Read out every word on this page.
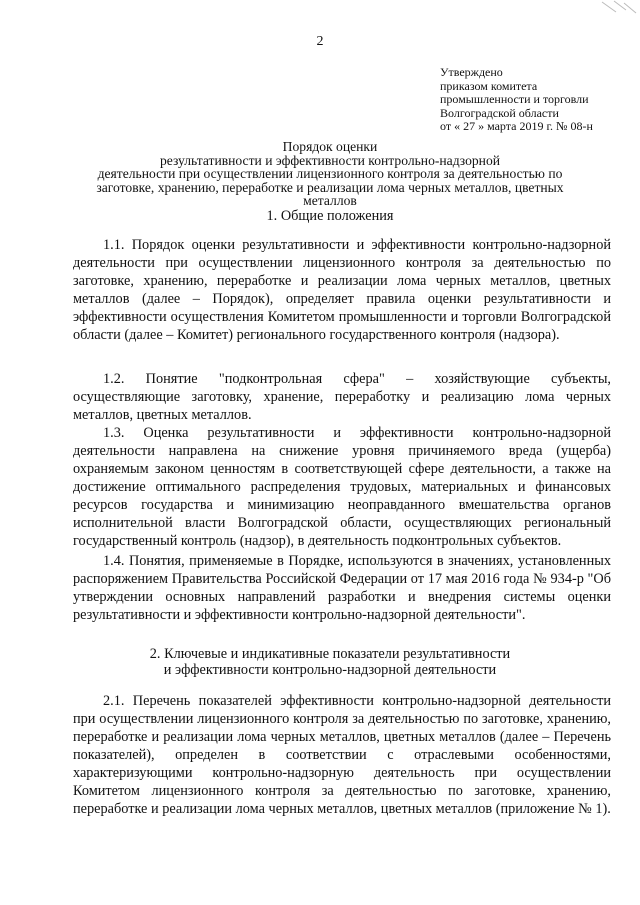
2
Утверждено
приказом комитета
промышленности и торговли
Волгоградской области
от « 27 » марта 2019 г. № 08-н
Порядок оценки
результативности и эффективности контрольно-надзорной
деятельности при осуществлении лицензионного контроля за деятельностью по
заготовке, хранению, переработке и реализации лома черных металлов, цветных
металлов
1. Общие положения
1.1. Порядок оценки результативности и эффективности контрольно-надзорной деятельности при осуществлении лицензионного контроля за деятельностью по заготовке, хранению, переработке и реализации лома черных металлов, цветных металлов (далее – Порядок), определяет правила оценки результативности и эффективности осуществления Комитетом промышленности и торговли Волгоградской области (далее – Комитет) регионального государственного контроля (надзора).
1.2. Понятие "подконтрольная сфера" – хозяйствующие субъекты, осуществляющие заготовку, хранение, переработку и реализацию лома черных металлов, цветных металлов.
1.3. Оценка результативности и эффективности контрольно-надзорной деятельности направлена на снижение уровня причиняемого вреда (ущерба) охраняемым законом ценностям в соответствующей сфере деятельности, а также на достижение оптимального распределения трудовых, материальных и финансовых ресурсов государства и минимизацию неоправданного вмешательства органов исполнительной власти Волгоградской области, осуществляющих региональный государственный контроль (надзор), в деятельность подконтрольных субъектов.
1.4. Понятия, применяемые в Порядке, используются в значениях, установленных распоряжением Правительства Российской Федерации от 17 мая 2016 года № 934-р "Об утверждении основных направлений разработки и внедрения системы оценки результативности и эффективности контрольно-надзорной деятельности".
2. Ключевые и индикативные показатели результативности
и эффективности контрольно-надзорной деятельности
2.1. Перечень показателей эффективности контрольно-надзорной деятельности при осуществлении лицензионного контроля за деятельностью по заготовке, хранению, переработке и реализации лома черных металлов, цветных металлов (далее – Перечень показателей), определен в соответствии с отраслевыми особенностями, характеризующими контрольно-надзорную деятельность при осуществлении Комитетом лицензионного контроля за деятельностью по заготовке, хранению, переработке и реализации лома черных металлов, цветных металлов (приложение № 1).
